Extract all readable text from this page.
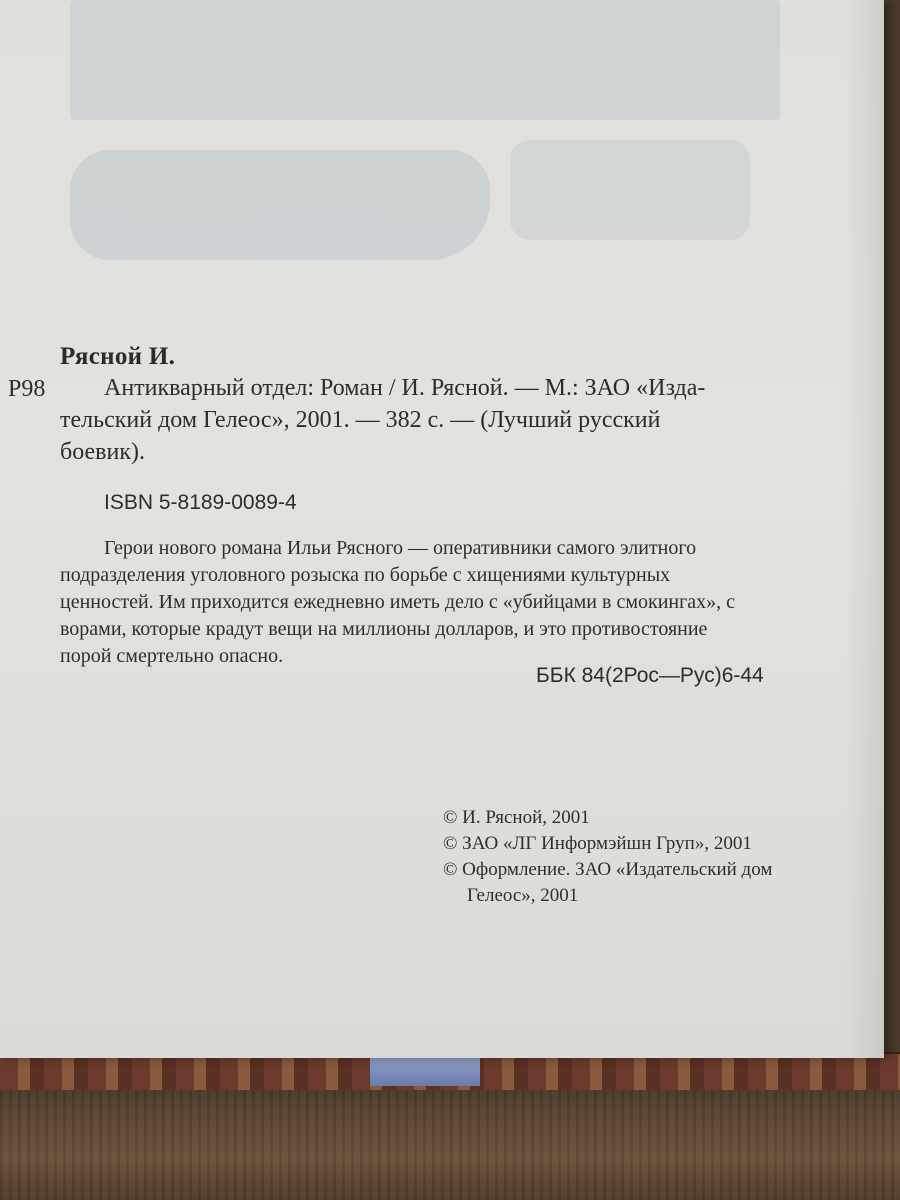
Рясной И.
Р98 Антикварный отдел: Роман / И. Рясной. — М.: ЗАО «Изда-
тельский дом Гелеос», 2001. — 382 с. — (Лучший русский
боевик).
ISBN 5-8189-0089-4
Герои нового романа Ильи Рясного — оперативники самого элитного
подразделения уголовного розыска по борьбе с хищениями культурных
ценностей. Им приходится ежедневно иметь дело с «убийцами в смокингах», с
ворами, которые крадут вещи на миллионы долларов, и это противостояние
порой смертельно опасно.
ББК 84(2Рос—Рус)6-44
© И. Рясной, 2001
© ЗАО «ЛГ Информэйшн Груп», 2001
© Оформление. ЗАО «Издательский дом
Гелеос», 2001
